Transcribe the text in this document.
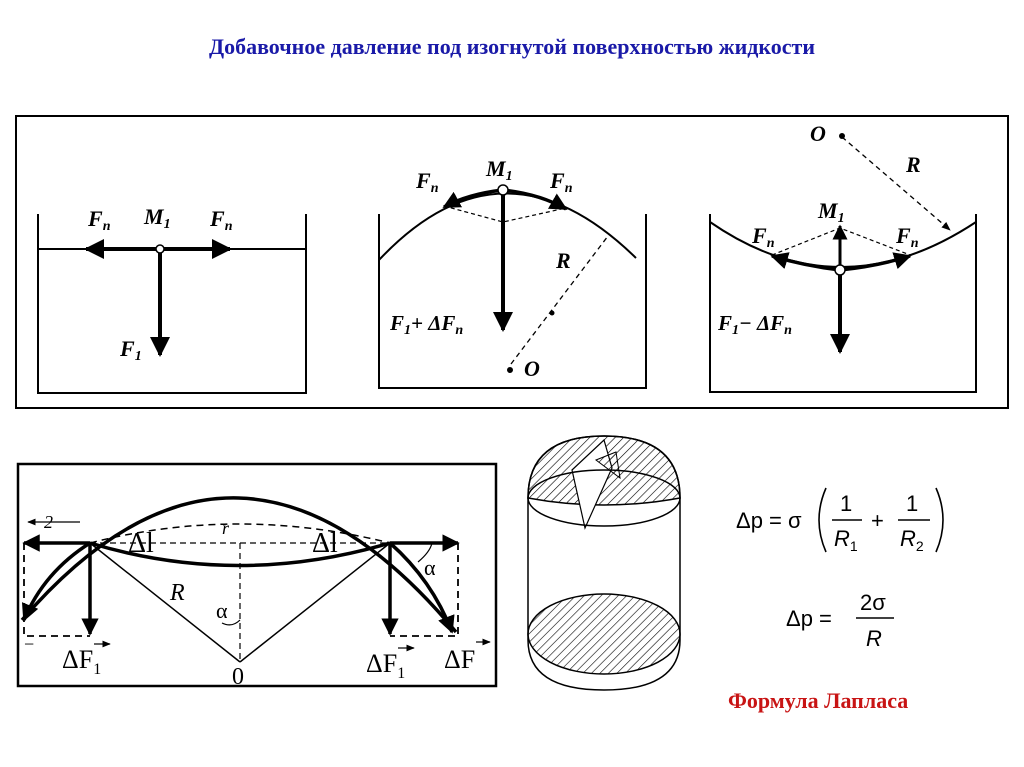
Добавочное давление под изогнутой поверхностью жидкости
Формула Лапласа
Fп M1 Fп
F1
Fп
M1 Fп
R
O
F1+ ΔFп
O
R
M1
Fп	Fп
F1− ΔFп
2
Δl	Δl
r
R
α
α
0
−
$\Delta F_1$	$\Delta F_1$ ΔF
Δp = σ
1
$R_1$
+
1
$R_2$
Δp =
2σ
R
